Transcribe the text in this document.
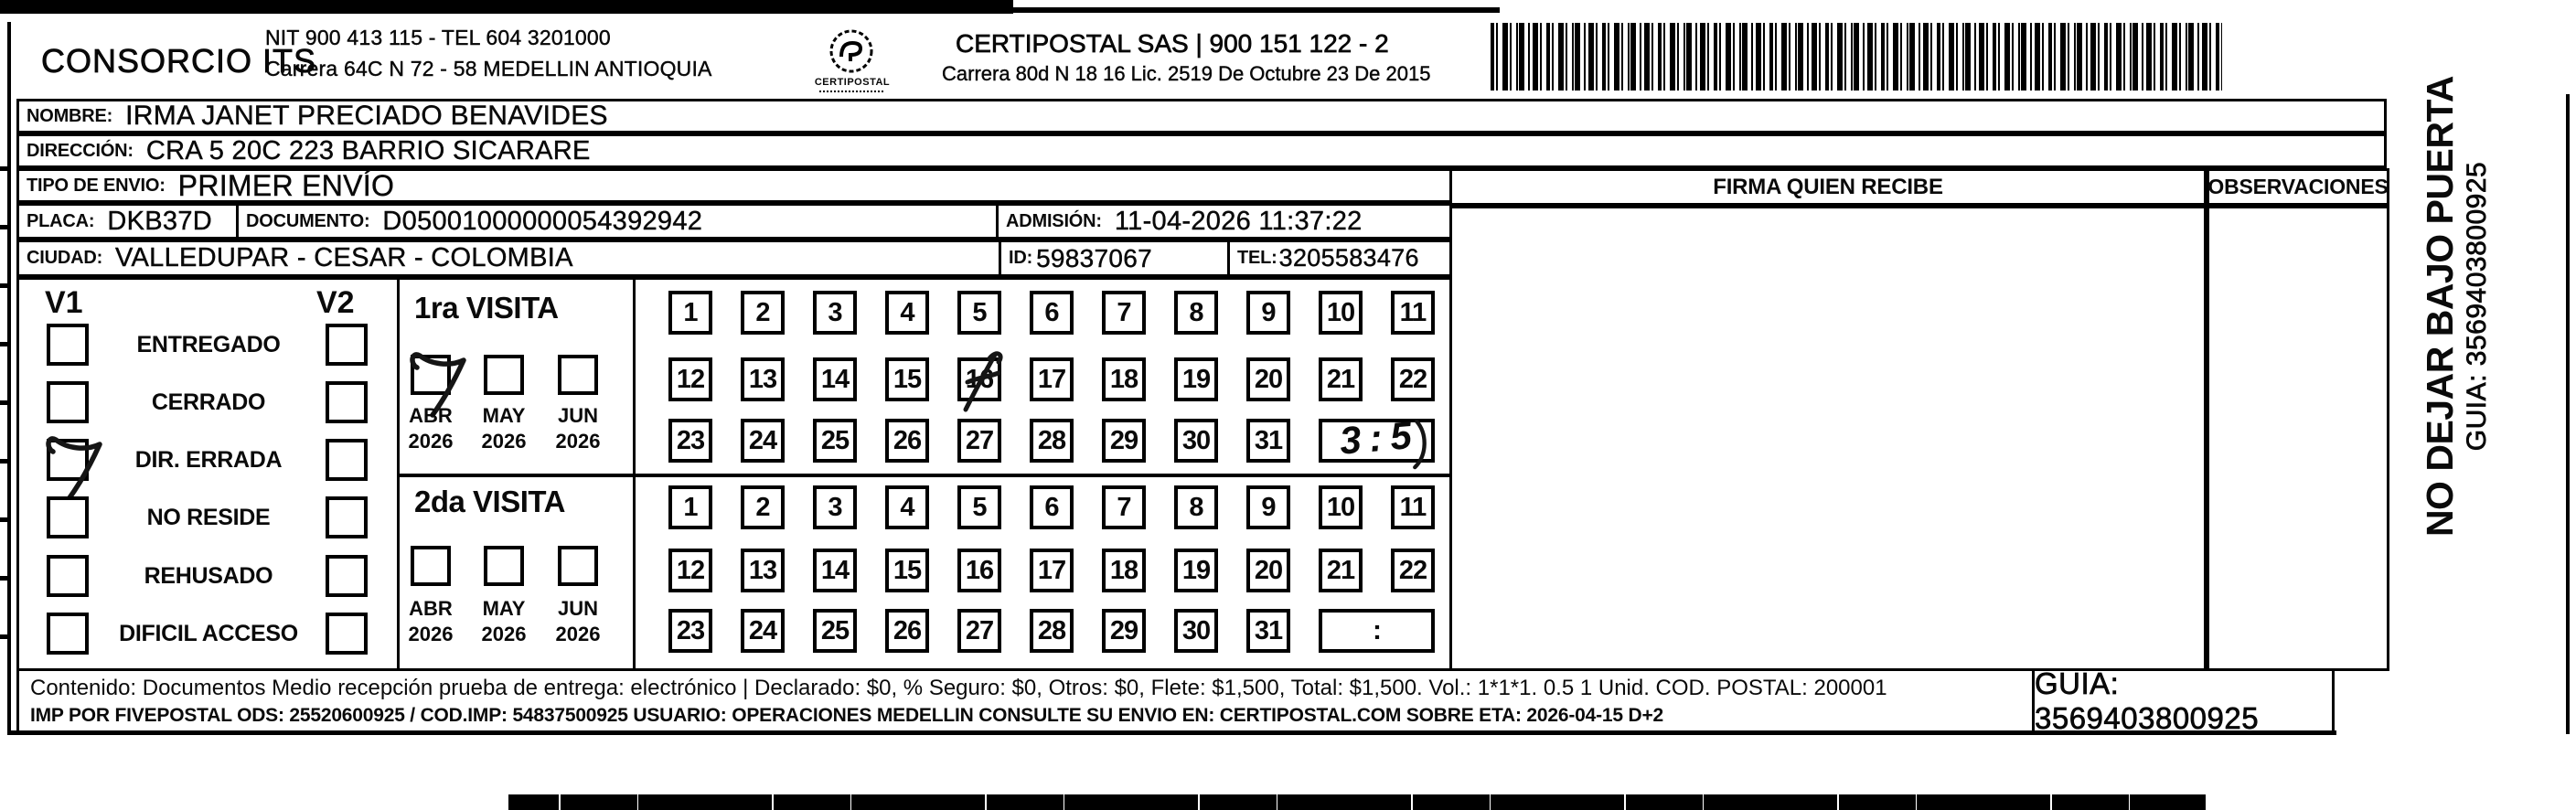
CONSORCIO ITS
NIT 900 413 115 - TEL 604 3201000
Carrera 64C N 72 - 58 MEDELLIN ANTIOQUIA
CERTIPOSTAL
CERTIPOSTAL SAS | 900 151 122 - 2
Carrera 80d N 18 16 Lic. 2519 De Octubre 23 De 2015
NOMBRE: IRMA JANET PRECIADO BENAVIDES
DIRECCIÓN: CRA 5 20C 223 BARRIO SICARARE
TIPO DE ENVIO: PRIMER ENVÍO	FIRMA QUIEN RECIBE	OBSERVACIONES
PLACA: DKB37D DOCUMENTO: D05001000000054392942	ADMISIÓN: 11-04-2026 11:37:22
CIUDAD: VALLEDUPAR - CESAR - COLOMBIA	ID: 59837067	TEL: 3205583476
V1	V2
ENTREGADO
CERRADO
DIR. ERRADA
NO RESIDE
REHUSADO
DIFICIL ACCESO
1ra VISITA
2da VISITA
ABR
2026
MAY
2026
JUN
2026
ABR
2026
MAY
2026
JUN
2026
1	2	3	4	5	6	7	8	9	10	11
12	13	14	15	16	17	18	19	20	21	22
23	24	25	26	27	28	29	30	31 3:5
1	2	3	4	5	6	7	8	9	10	11
12	13	14	15	16	17	18	19	20	21	22
23	24	25	26	27	28	29	30	31	:
Contenido: Documentos Medio recepción prueba de entrega: electrónico | Declarado: $0, % Seguro: $0, Otros: $0, Flete: $1,500, Total: $1,500. Vol.: 1*1*1. 0.5 1 Unid. COD. POSTAL: 200001
IMP POR FIVEPOSTAL ODS: 25520600925 / COD.IMP: 54837500925 USUARIO: OPERACIONES MEDELLIN CONSULTE SU ENVIO EN: CERTIPOSTAL.COM SOBRE ETA: 2026-04-15 D+2
GUIA: 3569403800925
NO DEJAR BAJO PUERTA GUIA: 3569403800925
